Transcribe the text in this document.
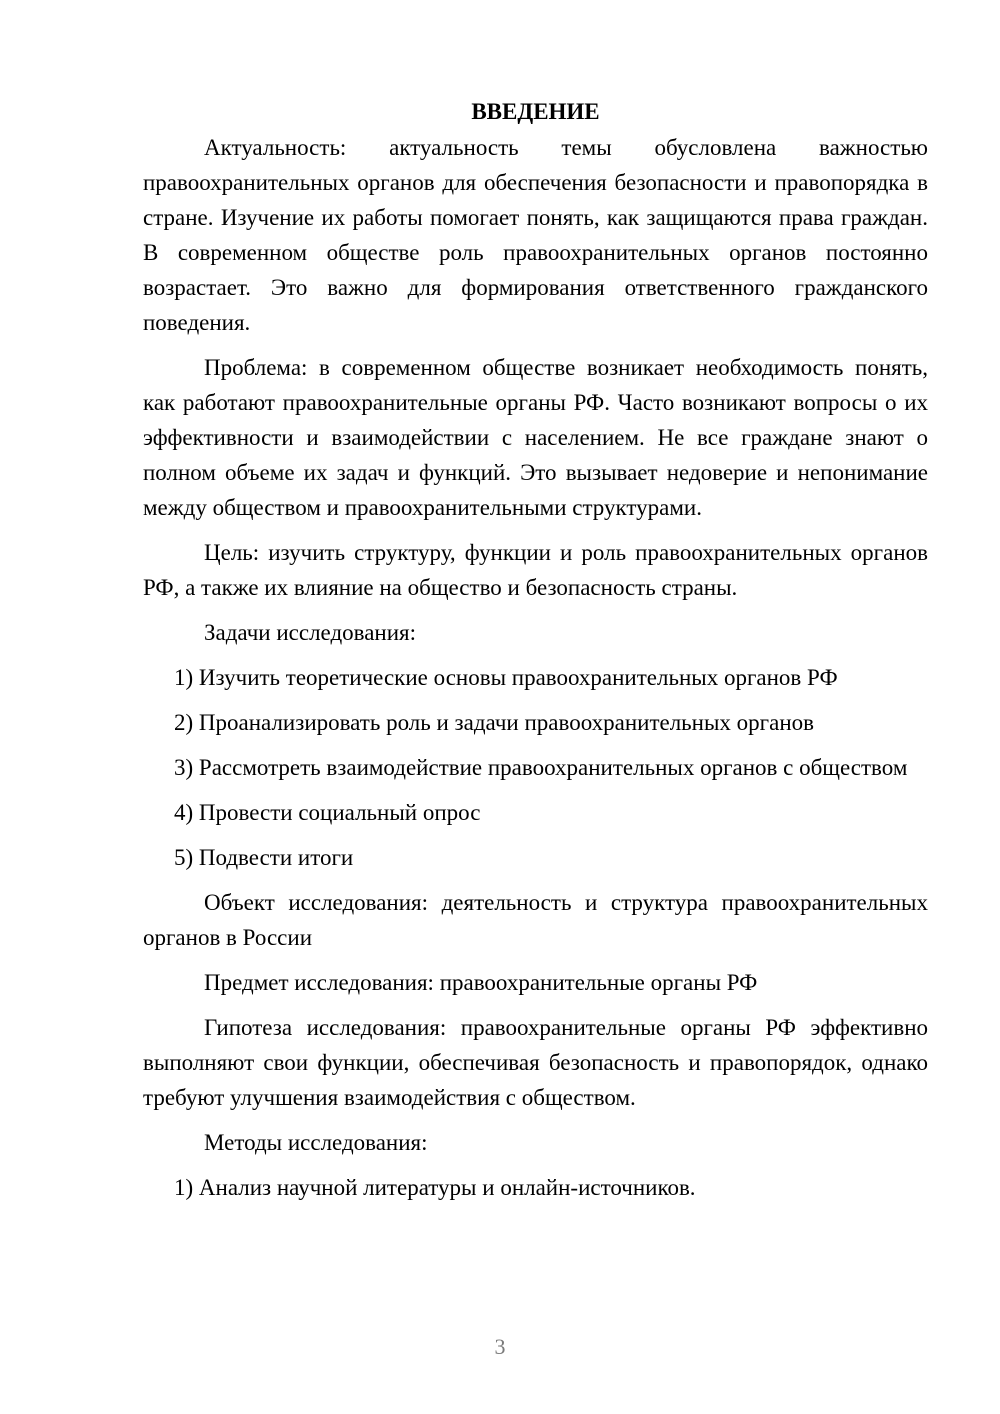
ВВЕДЕНИЕ

Актуальность: актуальность темы обусловлена важностью правоохранительных органов для обеспечения безопасности и правопорядка в стране. Изучение их работы помогает понять, как защищаются права граждан. В современном обществе роль правоохранительных органов постоянно возрастает. Это важно для формирования ответственного гражданского поведения.

Проблема: в современном обществе возникает необходимость понять, как работают правоохранительные органы РФ. Часто возникают вопросы о их эффективности и взаимодействии с населением. Не все граждане знают о полном объеме их задач и функций. Это вызывает недоверие и непонимание между обществом и правоохранительными структурами.

Цель: изучить структуру, функции и роль правоохранительных органов РФ, а также их влияние на общество и безопасность страны.

Задачи исследования:

1) Изучить теоретические основы правоохранительных органов РФ

2) Проанализировать роль и задачи правоохранительных органов

3) Рассмотреть взаимодействие правоохранительных органов с обществом

4) Провести социальный опрос

5) Подвести итоги

Объект исследования: деятельность и структура правоохранительных органов в России

Предмет исследования: правоохранительные органы РФ

Гипотеза исследования: правоохранительные органы РФ эффективно выполняют свои функции, обеспечивая безопасность и правопорядок, однако требуют улучшения взаимодействия с обществом.

Методы исследования:

1) Анализ научной литературы и онлайн-источников.

3
